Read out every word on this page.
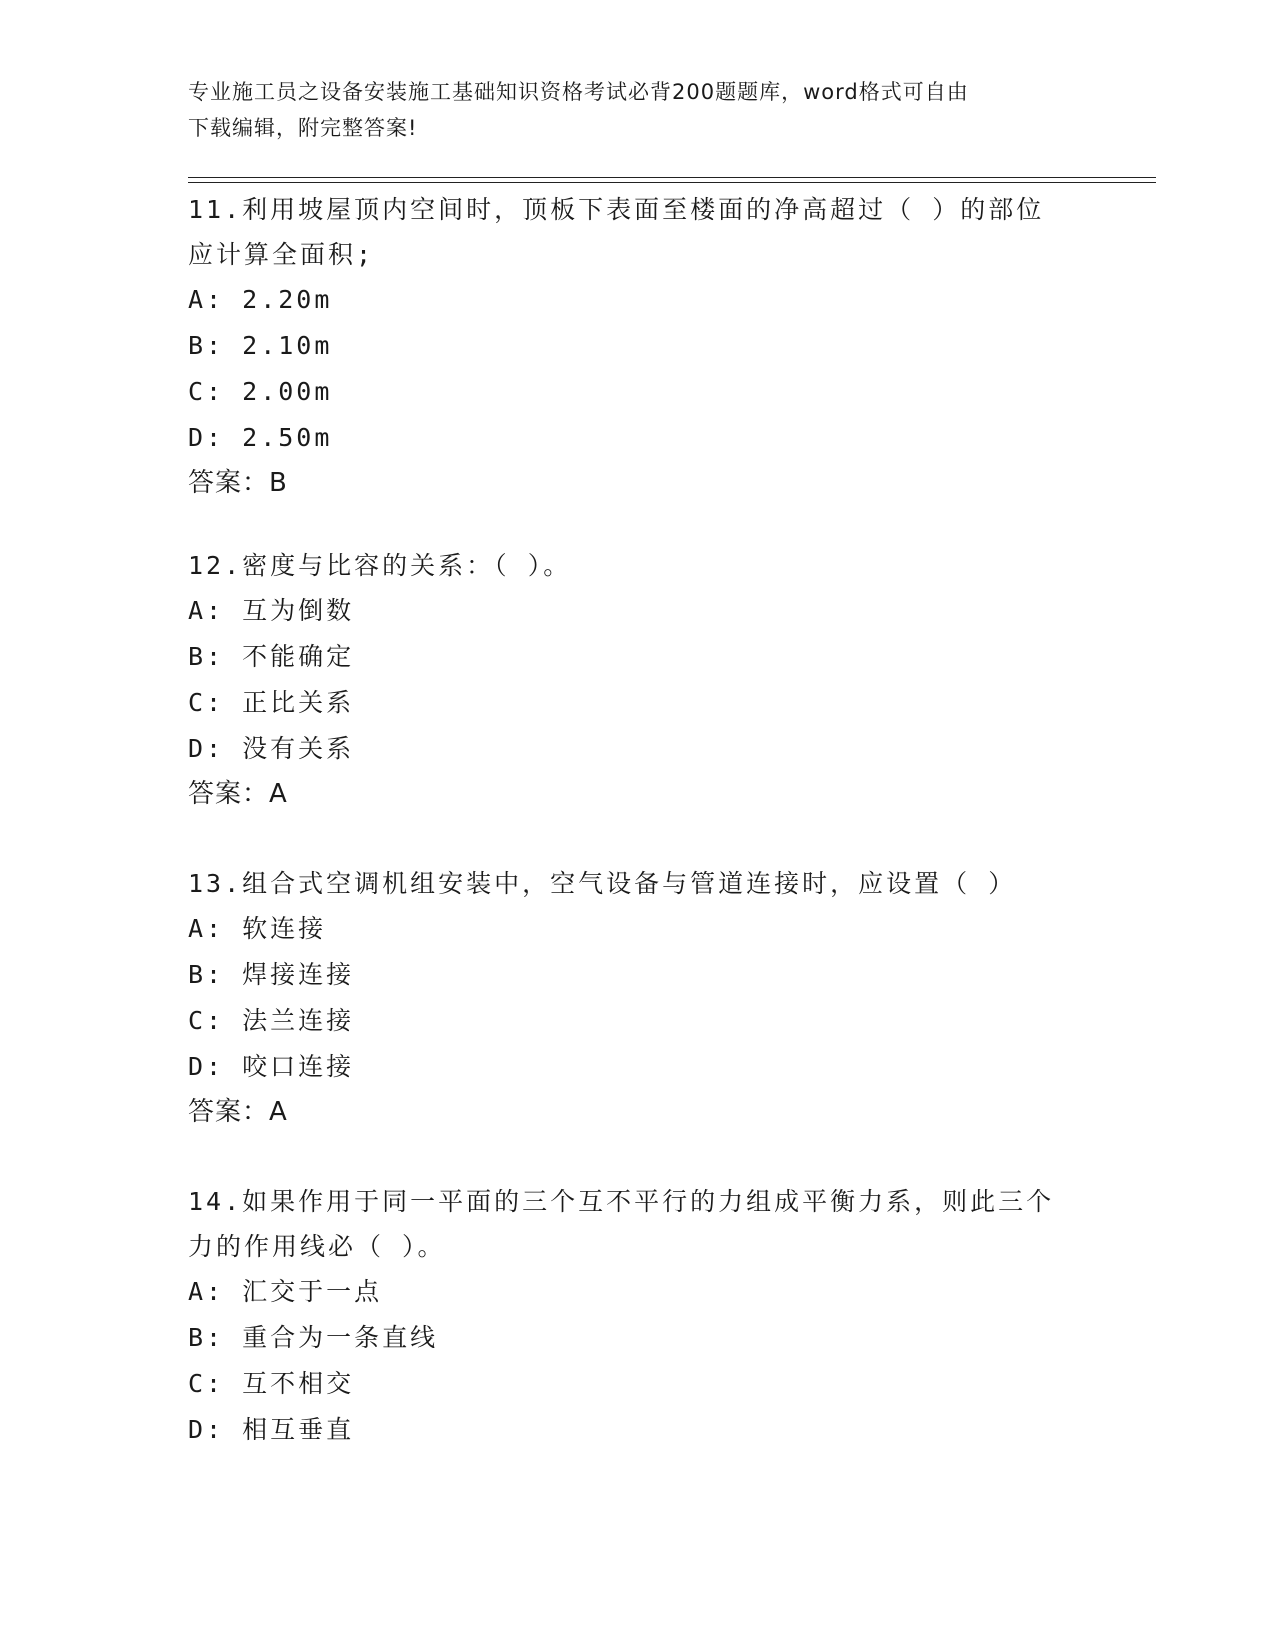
专业施工员之设备安装施工基础知识资格考试必背200题题库，word格式可自由
下载编辑，附完整答案!
11.利用坡屋顶内空间时，顶板下表面至楼面的净高超过（ ）的部位
应计算全面积;
A: 2.20m
B: 2.10m
C: 2.00m
D: 2.50m
答案：B
12.密度与比容的关系：（ ）。
A: 互为倒数
B: 不能确定
C: 正比关系
D: 没有关系
答案：A
13.组合式空调机组安装中，空气设备与管道连接时，应设置（ ）
A: 软连接
B: 焊接连接
C: 法兰连接
D: 咬口连接
答案：A
14.如果作用于同一平面的三个互不平行的力组成平衡力系，则此三个
力的作用线必（ ）。
A: 汇交于一点
B: 重合为一条直线
C: 互不相交
D: 相互垂直
